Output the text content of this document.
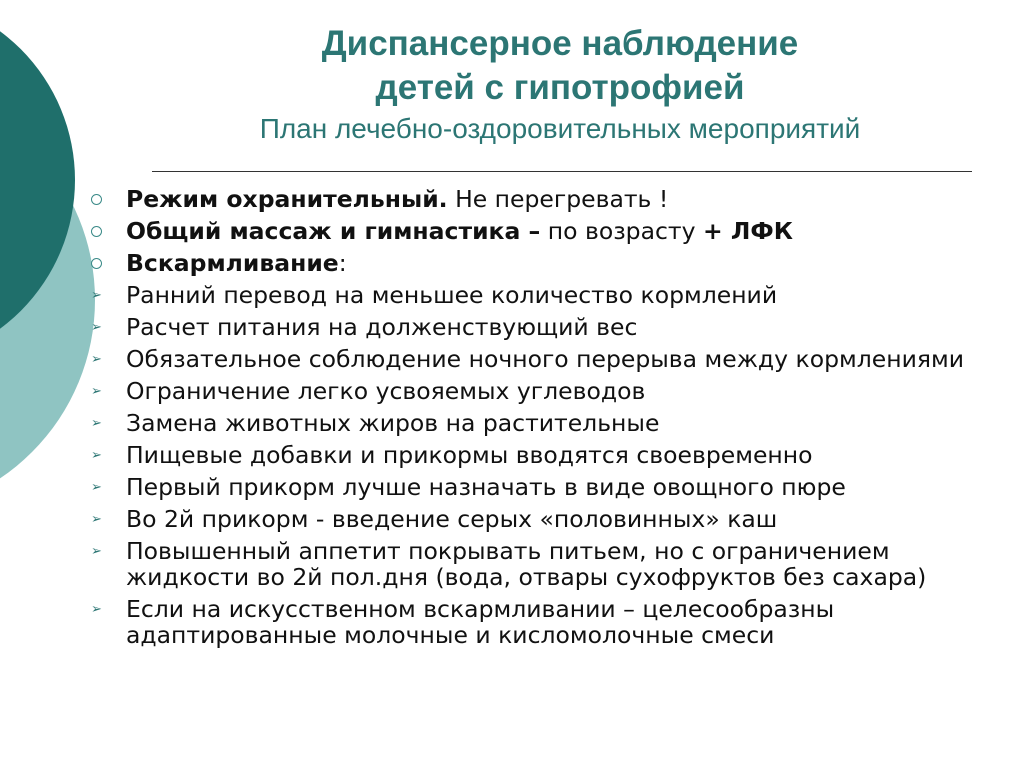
Диспансерное наблюдение
детей с гипотрофией
План лечебно-оздоровительных мероприятий
Режим охранительный. Не перегревать !
Общий массаж и гимнастика – по возрасту + ЛФК
Вскармливание:
➢	Ранний перевод на меньшее количество кормлений
➢	Расчет питания на долженствующий вес
➢	Обязательное соблюдение ночного перерыва между кормлениями
➢	Ограничение легко усвояемых углеводов
➢	Замена животных жиров на растительные
➢	Пищевые добавки и прикормы вводятся своевременно
➢	Первый прикорм лучше назначать в виде овощного пюре
➢	Во 2й прикорм - введение серых «половинных» каш
➢	Повышенный аппетит покрывать питьем, но с ограничением жидкости во 2й пол.дня (вода, отвары сухофруктов без сахара)
➢	Если на искусственном вскармливании – целесообразны адаптированные молочные и кисломолочные смеси
